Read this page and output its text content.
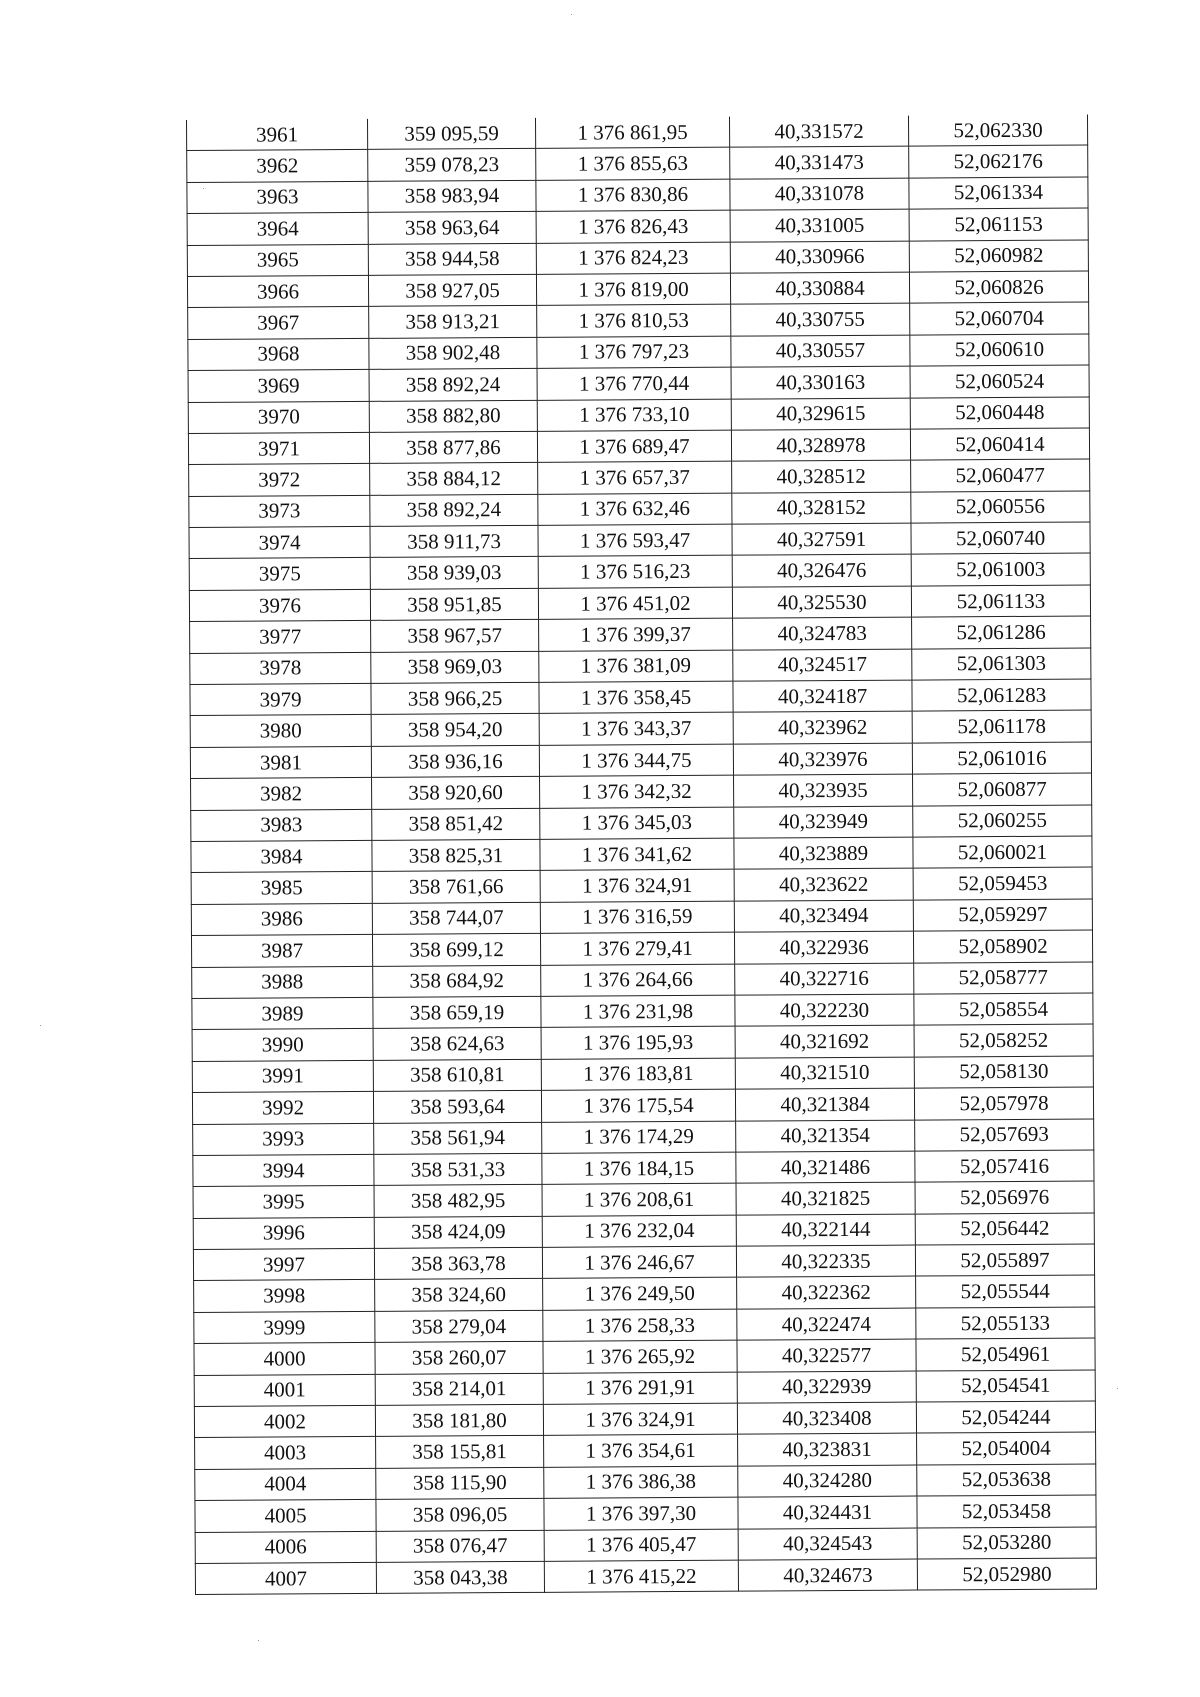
3961	359 095,59	1 376 861,95	40,331572	52,062330
3962	359 078,23	1 376 855,63	40,331473	52,062176
3963	358 983,94	1 376 830,86	40,331078	52,061334
3964	358 963,64	1 376 826,43	40,331005	52,061153
3965	358 944,58	1 376 824,23	40,330966	52,060982
3966	358 927,05	1 376 819,00	40,330884	52,060826
3967	358 913,21	1 376 810,53	40,330755	52,060704
3968	358 902,48	1 376 797,23	40,330557	52,060610
3969	358 892,24	1 376 770,44	40,330163	52,060524
3970	358 882,80	1 376 733,10	40,329615	52,060448
3971	358 877,86	1 376 689,47	40,328978	52,060414
3972	358 884,12	1 376 657,37	40,328512	52,060477
3973	358 892,24	1 376 632,46	40,328152	52,060556
3974	358 911,73	1 376 593,47	40,327591	52,060740
3975	358 939,03	1 376 516,23	40,326476	52,061003
3976	358 951,85	1 376 451,02	40,325530	52,061133
3977	358 967,57	1 376 399,37	40,324783	52,061286
3978	358 969,03	1 376 381,09	40,324517	52,061303
3979	358 966,25	1 376 358,45	40,324187	52,061283
3980	358 954,20	1 376 343,37	40,323962	52,061178
3981	358 936,16	1 376 344,75	40,323976	52,061016
3982	358 920,60	1 376 342,32	40,323935	52,060877
3983	358 851,42	1 376 345,03	40,323949	52,060255
3984	358 825,31	1 376 341,62	40,323889	52,060021
3985	358 761,66	1 376 324,91	40,323622	52,059453
3986	358 744,07	1 376 316,59	40,323494	52,059297
3987	358 699,12	1 376 279,41	40,322936	52,058902
3988	358 684,92	1 376 264,66	40,322716	52,058777
3989	358 659,19	1 376 231,98	40,322230	52,058554
3990	358 624,63	1 376 195,93	40,321692	52,058252
3991	358 610,81	1 376 183,81	40,321510	52,058130
3992	358 593,64	1 376 175,54	40,321384	52,057978
3993	358 561,94	1 376 174,29	40,321354	52,057693
3994	358 531,33	1 376 184,15	40,321486	52,057416
3995	358 482,95	1 376 208,61	40,321825	52,056976
3996	358 424,09	1 376 232,04	40,322144	52,056442
3997	358 363,78	1 376 246,67	40,322335	52,055897
3998	358 324,60	1 376 249,50	40,322362	52,055544
3999	358 279,04	1 376 258,33	40,322474	52,055133
4000	358 260,07	1 376 265,92	40,322577	52,054961
4001	358 214,01	1 376 291,91	40,322939	52,054541
4002	358 181,80	1 376 324,91	40,323408	52,054244
4003	358 155,81	1 376 354,61	40,323831	52,054004
4004	358 115,90	1 376 386,38	40,324280	52,053638
4005	358 096,05	1 376 397,30	40,324431	52,053458
4006	358 076,47	1 376 405,47	40,324543	52,053280
4007	358 043,38	1 376 415,22	40,324673	52,052980
